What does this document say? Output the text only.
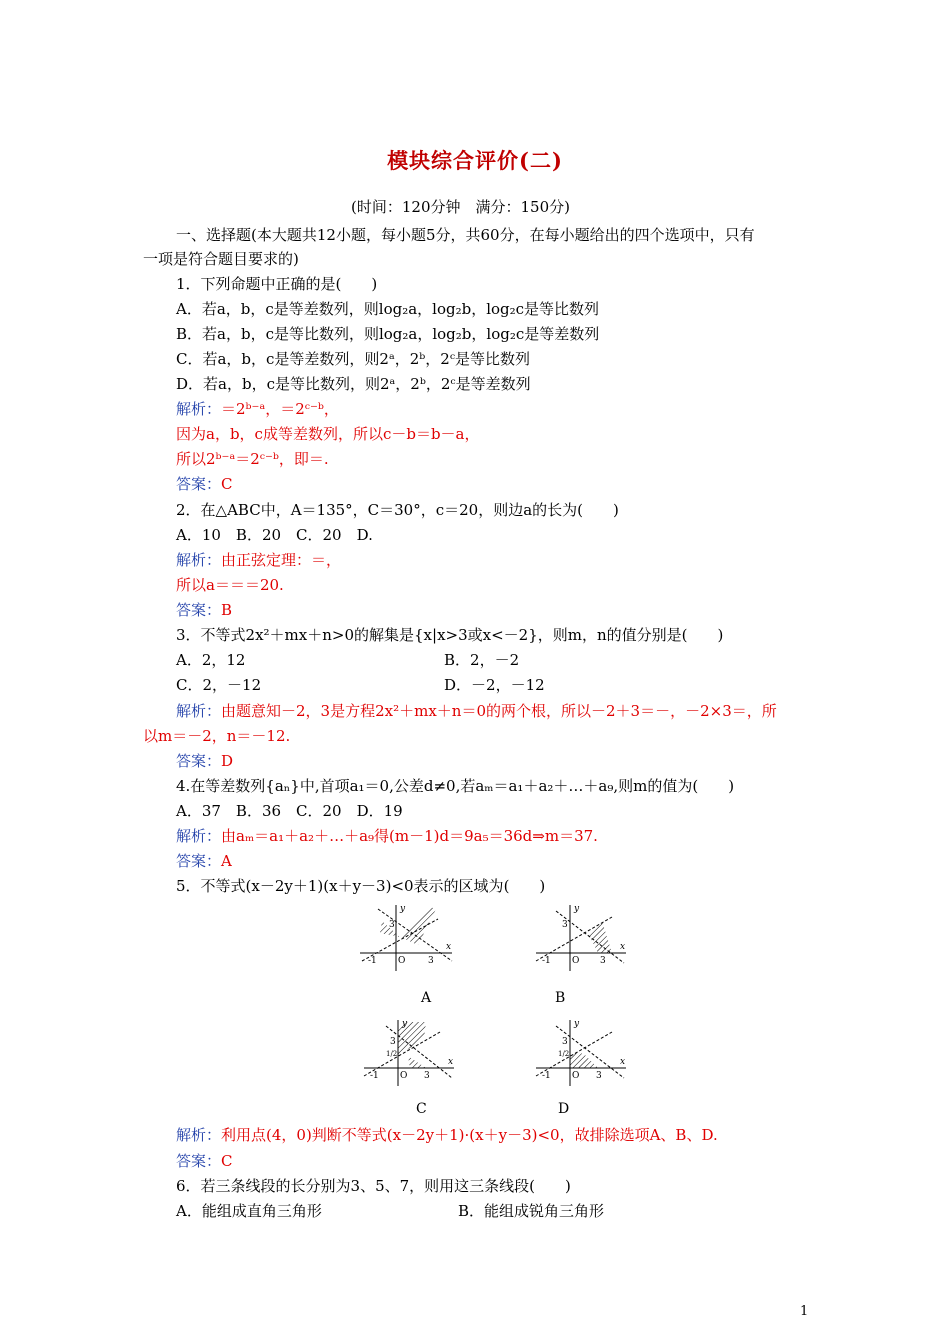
模块综合评价(二)
(时间：120分钟　满分：150分)
一、选择题(本大题共12小题，每小题5分，共60分，在每小题给出的四个选项中，只有
一项是符合题目要求的)
1．下列命题中正确的是(　　)
A．若a，b，c是等差数列，则log₂a，log₂b，log₂c是等比数列
B．若a，b，c是等比数列，则log₂a，log₂b，log₂c是等差数列
C．若a，b，c是等差数列，则2ᵃ，2ᵇ，2ᶜ是等比数列
D．若a，b，c是等比数列，则2ᵃ，2ᵇ，2ᶜ是等差数列
解析：＝2ᵇ⁻ᵃ，＝2ᶜ⁻ᵇ，
因为a，b，c成等差数列，所以c－b＝b－a，
所以2ᵇ⁻ᵃ＝2ᶜ⁻ᵇ，即＝.
答案：C
2．在△ABC中，A＝135°，C＝30°，c＝20，则边a的长为(　　)
A．10　B．20　C．20　D.
解析：由正弦定理：＝，
所以a＝＝＝20.
答案：B
3．不等式2x²＋mx＋n>0的解集是{x|x>3或x<－2}，则m，n的值分别是(　　)
A．2，12	B．2，－2
C．2，－12	D．－2，－12
解析：由题意知－2，3是方程2x²＋mx＋n＝0的两个根，所以－2＋3＝－，－2×3＝，所
以m＝－2，n＝－12.
答案：D
4.在等差数列{aₙ}中,首项a₁＝0,公差d≠0,若aₘ＝a₁＋a₂＋…＋a₉,则m的值为(　　)
A．37　B．36　C．20　D．19
解析：由aₘ＝a₁＋a₂＋…＋a₉得(m－1)d＝9a₅＝36d⇒m＝37.
答案：A
5．不等式(x－2y＋1)(x＋y－3)<0表示的区域为(　　)
y
x
-1 O	3
3
A
y
x
-1 O 3
3
B
y
x
-1 O 3
3
1/2
C
y
x
-1 O 3
3
1/2
D
解析：利用点(4，0)判断不等式(x－2y＋1)·(x＋y－3)<0，故排除选项A、B、D.
答案：C
6．若三条线段的长分别为3、5、7，则用这三条线段(　　)
A．能组成直角三角形	B．能组成锐角三角形
1
